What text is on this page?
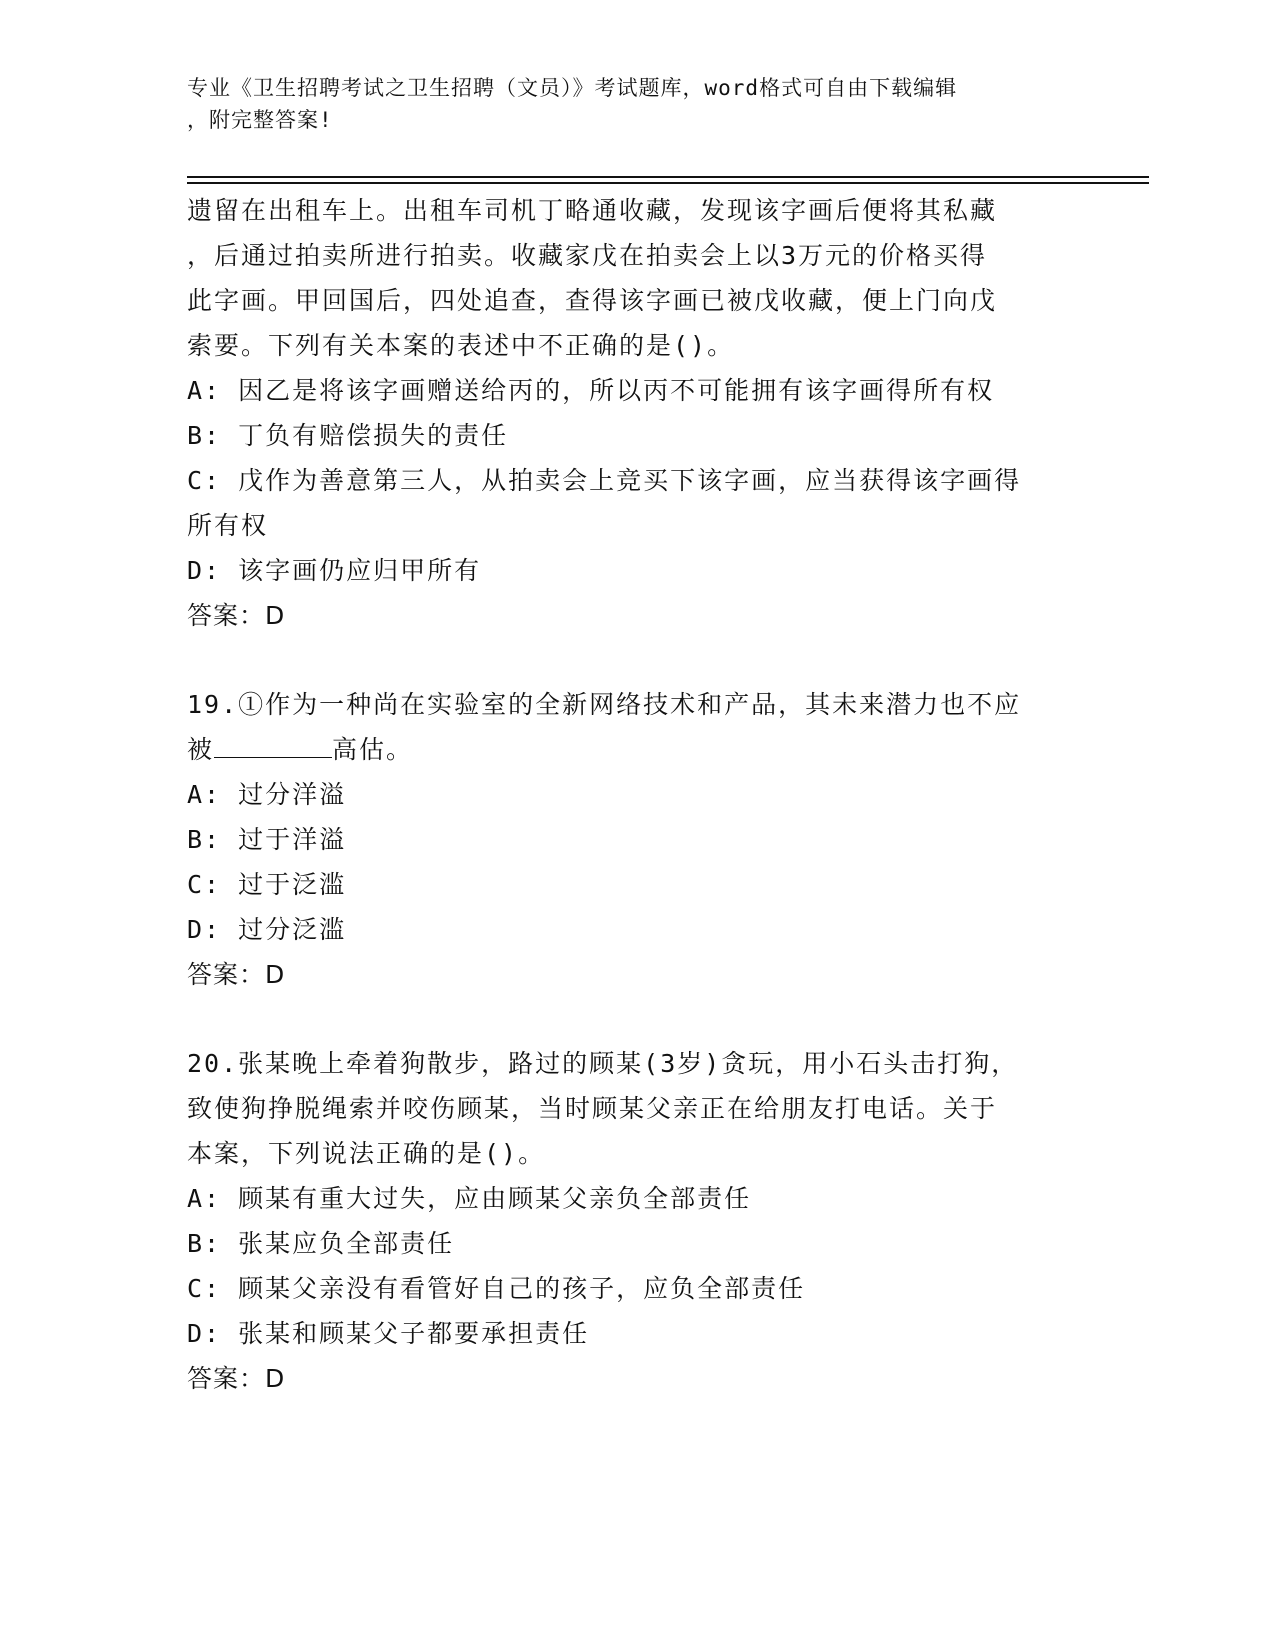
专业《卫生招聘考试之卫生招聘（文员）》考试题库，word格式可自由下载编辑
，附完整答案!

遗留在出租车上。出租车司机丁略通收藏，发现该字画后便将其私藏

，后通过拍卖所进行拍卖。收藏家戊在拍卖会上以3万元的价格买得

此字画。甲回国后，四处追查，查得该字画已被戊收藏，便上门向戊

索要。下列有关本案的表述中不正确的是()。

A: 因乙是将该字画赠送给丙的，所以丙不可能拥有该字画得所有权

B: 丁负有赔偿损失的责任

C: 戊作为善意第三人，从拍卖会上竞买下该字画，应当获得该字画得

所有权

D: 该字画仍应归甲所有

答案：D

19.①作为一种尚在实验室的全新网络技术和产品，其未来潜力也不应

被	高估。

A: 过分洋溢

B: 过于洋溢

C: 过于泛滥

D: 过分泛滥

答案：D

20.张某晚上牵着狗散步，路过的顾某(3岁)贪玩，用小石头击打狗，

致使狗挣脱绳索并咬伤顾某，当时顾某父亲正在给朋友打电话。关于

本案，下列说法正确的是()。

A: 顾某有重大过失，应由顾某父亲负全部责任

B: 张某应负全部责任

C: 顾某父亲没有看管好自己的孩子，应负全部责任

D: 张某和顾某父子都要承担责任

答案：D
